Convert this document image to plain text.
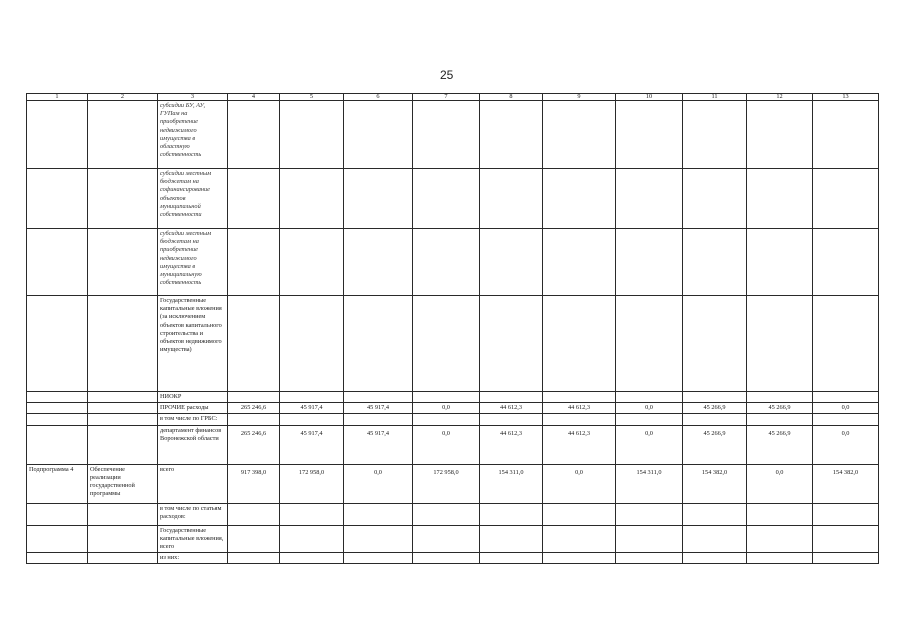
25
1	2	3	4	5	6	7	8	9	10	11	12	13
		субсидии БУ, АУ, ГУПам на приобретение недвижимого имущества в областную собственность										
		субсидии местным бюджетам на софинансирование объектов муниципальной собственности										
		субсидии местным бюджетам на приобретение недвижимого имущества в муниципальную собственность										
		Государственные капитальные вложения (за исключением объектов капитального строительства и объектов недвижимого имущества)										
		НИОКР										
		ПРОЧИЕ расходы	265 246,6	45 917,4	45 917,4	0,0	44 612,3	44 612,3	0,0	45 266,9	45 266,9	0,0
		в том числе по ГРБС:										
		департамент финансов Воронежской области	265 246,6	45 917,4	45 917,4	0,0	44 612,3	44 612,3	0,0	45 266,9	45 266,9	0,0
Подпрограмма 4	Обеспечение реализации государственной программы	всего	917 398,0	172 958,0	0,0	172 958,0	154 311,0	0,0	154 311,0	154 382,0	0,0	154 382,0
		в том числе по статьям расходов:										
		Государственные капитальные вложения, всего										
		из них:										
